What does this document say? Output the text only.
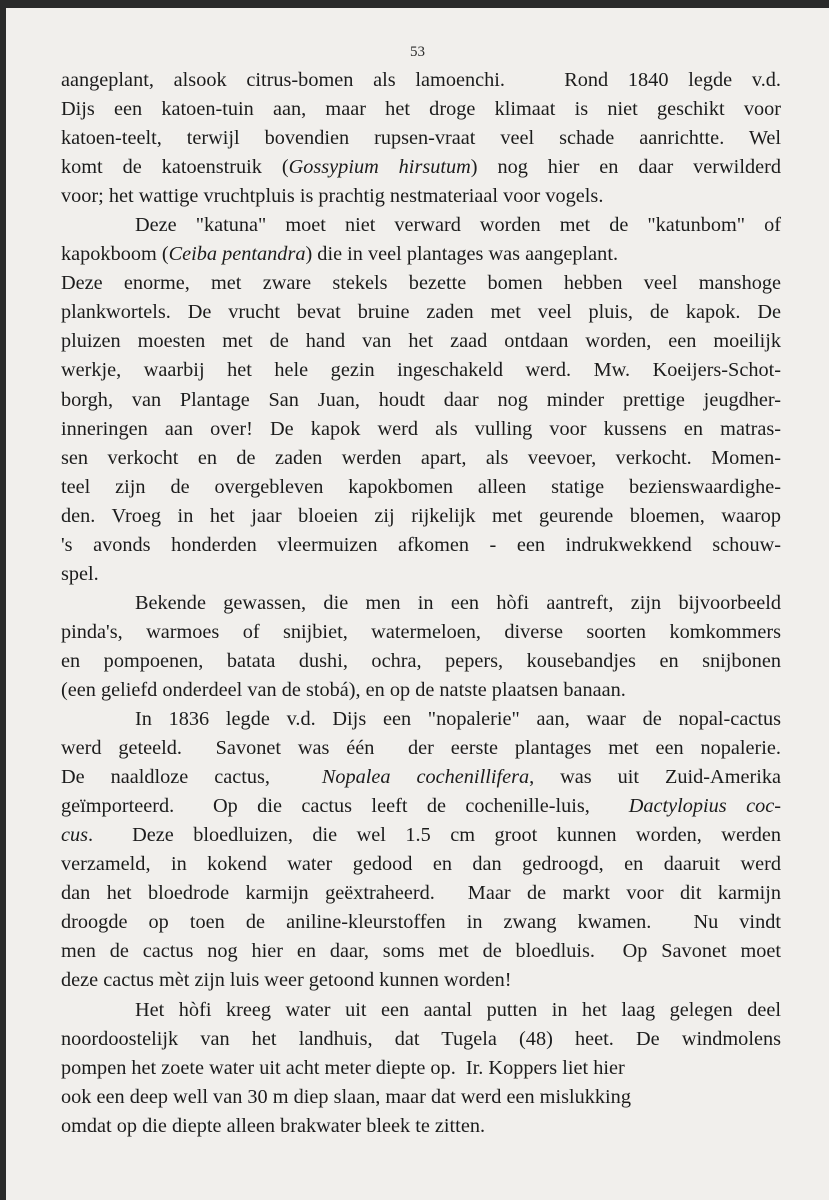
53
aangeplant, alsook citrus-bomen als lamoenchi.   Rond 1840 legde v.d.
Dijs een katoen-tuin aan, maar het droge klimaat is niet geschikt voor
katoen-teelt, terwijl bovendien rupsen-vraat veel schade aanrichtte. Wel
komt de katoenstruik (Gossypium hirsutum) nog hier en daar verwilderd
voor; het wattige vruchtpluis is prachtig nestmateriaal voor vogels.
Deze "katuna" moet niet verward worden met de "katunbom" of
kapokboom (Ceiba pentandra) die in veel plantages was aangeplant.
Deze enorme, met zware stekels bezette bomen hebben veel manshoge
plankwortels. De vrucht bevat bruine zaden met veel pluis, de kapok. De
pluizen moesten met de hand van het zaad ontdaan worden, een moeilijk
werkje, waarbij het hele gezin ingeschakeld werd. Mw. Koeijers-Schot-
borgh, van Plantage San Juan, houdt daar nog minder prettige jeugdher-
inneringen aan over! De kapok werd als vulling voor kussens en matras-
sen verkocht en de zaden werden apart, als veevoer, verkocht. Momen-
teel zijn de overgebleven kapokbomen alleen statige bezienswaardighe-
den. Vroeg in het jaar bloeien zij rijkelijk met geurende bloemen, waarop
's avonds honderden vleermuizen afkomen - een indrukwekkend schouw-
spel.
Bekende gewassen, die men in een hòfi aantreft, zijn bijvoorbeeld
pinda's, warmoes of snijbiet, watermeloen, diverse soorten komkommers
en pompoenen, batata dushi, ochra, pepers, kousebandjes en snijbonen
(een geliefd onderdeel van de stobá), en op de natste plaatsen banaan.
In 1836 legde v.d. Dijs een "nopalerie" aan, waar de nopal-cactus
werd geteeld.  Savonet was één  der eerste plantages met een nopalerie.
De naaldloze cactus,  Nopalea cochenillifera, was uit Zuid-Amerika
geïmporteerd.  Op die cactus leeft de cochenille-luis,  Dactylopius coc-
cus.  Deze bloedluizen, die wel 1.5 cm groot kunnen worden, werden
verzameld, in kokend water gedood en dan gedroogd, en daaruit werd
dan het bloedrode karmijn geëxtraheerd.  Maar de markt voor dit karmijn
droogde op toen de aniline-kleurstoffen in zwang kwamen.  Nu vindt
men de cactus nog hier en daar, soms met de bloedluis.  Op Savonet moet
deze cactus mèt zijn luis weer getoond kunnen worden!
Het hòfi kreeg water uit een aantal putten in het laag gelegen deel
noordoostelijk van het landhuis, dat Tugela (48) heet. De windmolens
pompen het zoete water uit acht meter diepte op.  Ir. Koppers liet hier
ook een deep well van 30 m diep slaan, maar dat werd een mislukking
omdat op die diepte alleen brakwater bleek te zitten.
